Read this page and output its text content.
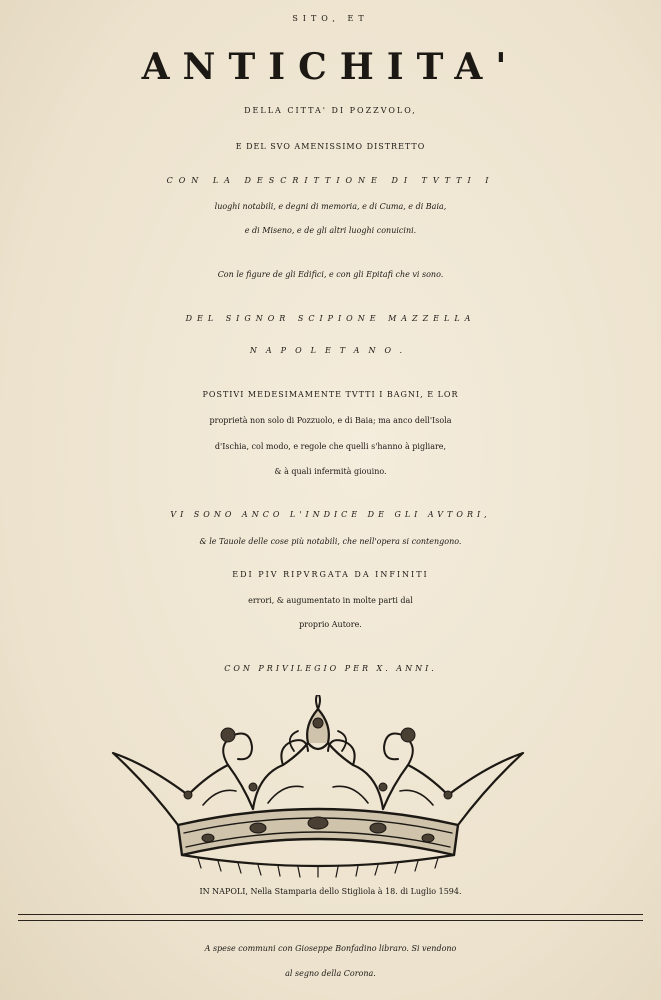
SITO, ET
ANTICHITA'
DELLA CITTA' DI POZZVOLO,
E DEL SVO AMENISSIMO DISTRETTO
CON LA DESCRITTIONE DI TVTTI I
luoghi notabili, e degni di memoria, e di Cuma, e di Baia,
e di Miseno, e de gli altri luoghi conuicini.
Con le figure de gli Edifici, e con gli Epitafi che vi sono.
DEL SIGNOR SCIPIONE MAZZELLA
NAPOLETANO.
POSTIVI MEDESIMAMENTE TVTTI I BAGNI, E LOR
proprietà non solo di Pozzuolo, e di Baia; ma anco dell'Isola
d'Ischia, col modo, e regole che quelli s'hanno à pigliare,
& à quali infermità giouino.
VI SONO ANCO L'INDICE DE GLI AVTORI,
& le Tauole delle cose più notabili, che nell'opera si contengono.
EDI PIV RIPVRGATA DA INFINITI
errori, & augumentato in molte parti dal
proprio Autore.
CON PRIVILEGIO PER X. ANNI.
IN NAPOLI, Nella Stamparia dello Stigliola à 18. di Luglio 1594.
A spese communi con Gioseppe Bonfadino libraro. Si vendono
al segno della Corona.
